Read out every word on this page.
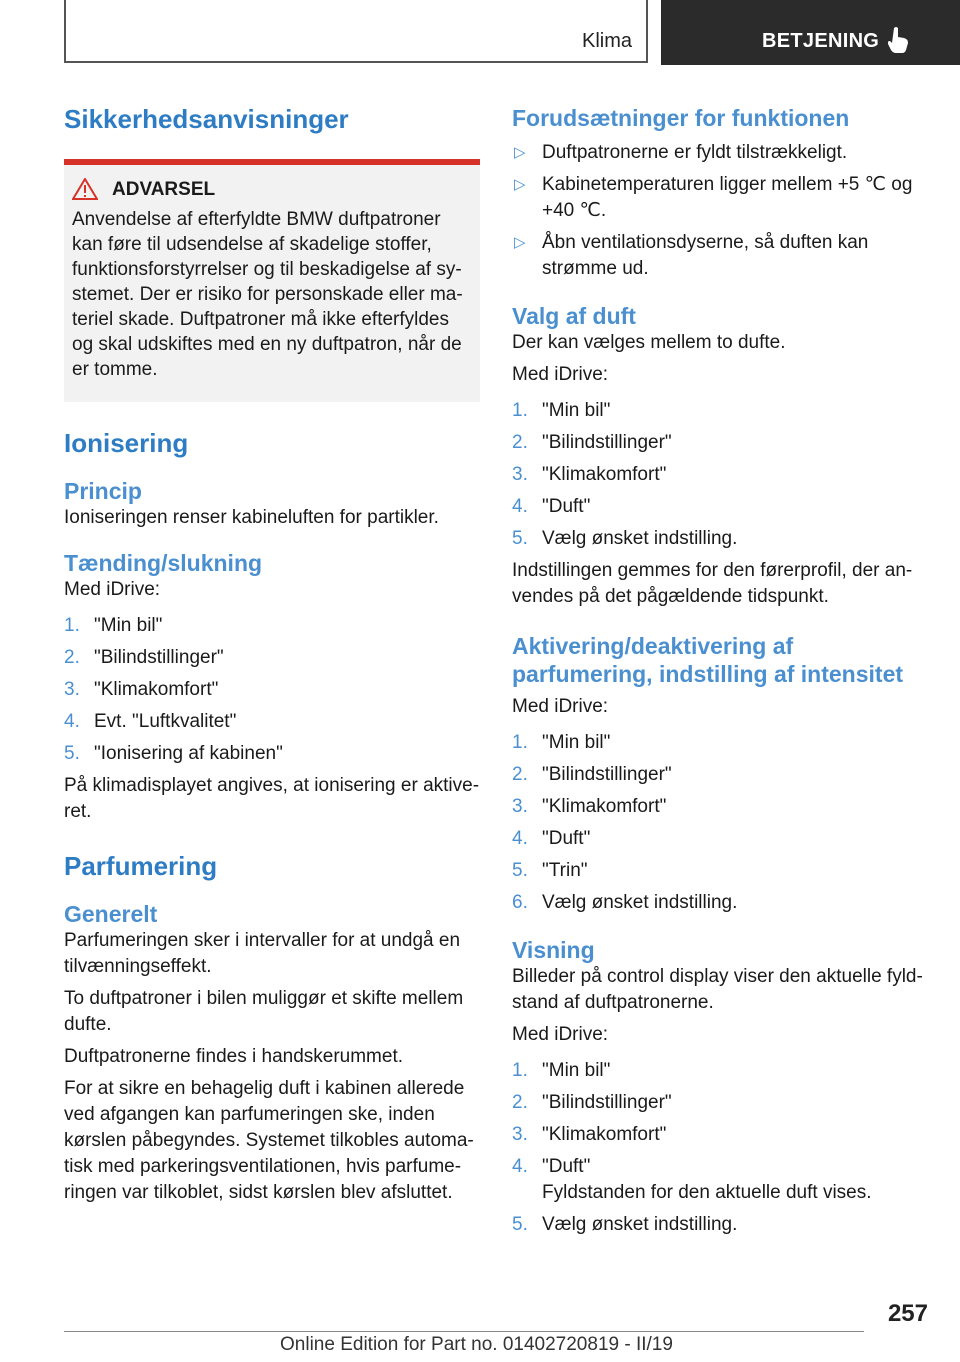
Klima	BETJENING
Sikkerhedsanvisninger
ADVARSEL

Anvendelse af efterfyldte BMW duftpatroner kan føre til udsendelse af skadelige stoffer, funktionsforstyrrelser og til beskadigelse af sy-stemet. Der er risiko for personskade eller ma-teriel skade. Duftpatroner må ikke efterfyldes og skal udskiftes med en ny duftpatron, når de er tomme.

Ionisering
Princip

Ioniseringen renser kabineluften for partikler.

Tænding/slukning

Med iDrive:

1. "Min bil"
2. "Bilindstillinger"
3. "Klimakomfort"
4. Evt. "Luftkvalitet"
5. "Ionisering af kabinen"

På klimadisplayet angives, at ionisering er aktive-ret.

Parfumering
Generelt

Parfumeringen sker i intervaller for at undgå en tilvænningseffekt.

To duftpatroner i bilen muliggør et skifte mellem dufte.

Duftpatronerne findes i handskerummet.

For at sikre en behagelig duft i kabinen allerede ved afgangen kan parfumeringen ske, inden kørslen påbegyndes. Systemet tilkobles automa-tisk med parkeringsventilationen, hvis parfume-ringen var tilkoblet, sidst kørslen blev afsluttet.

Forudsætninger for funktionen
▷ Duftpatronerne er fyldt tilstrækkeligt.
▷ Kabinetemperaturen ligger mellem +5 ℃ og +40 ℃.
▷ Åbn ventilationsdyserne, så duften kan strømme ud.
Valg af duft

Der kan vælges mellem to dufte.

Med iDrive:

1. "Min bil"
2. "Bilindstillinger"
3. "Klimakomfort"
4. "Duft"
5. Vælg ønsket indstilling.

Indstillingen gemmes for den førerprofil, der an-vendes på det pågældende tidspunkt.

Aktivering/deaktivering af parfumering, indstilling af intensitet

Med iDrive:

1. "Min bil"
2. "Bilindstillinger"
3. "Klimakomfort"
4. "Duft"
5. "Trin"
6. Vælg ønsket indstilling.
Visning

Billeder på control display viser den aktuelle fyld-stand af duftpatronerne.

Med iDrive:

1. "Min bil"
2. "Bilindstillinger"
3. "Klimakomfort"
4. "Duft"
Fyldstanden for den aktuelle duft vises.
5. Vælg ønsket indstilling.
257
Online Edition for Part no. 01402720819 - II/19
